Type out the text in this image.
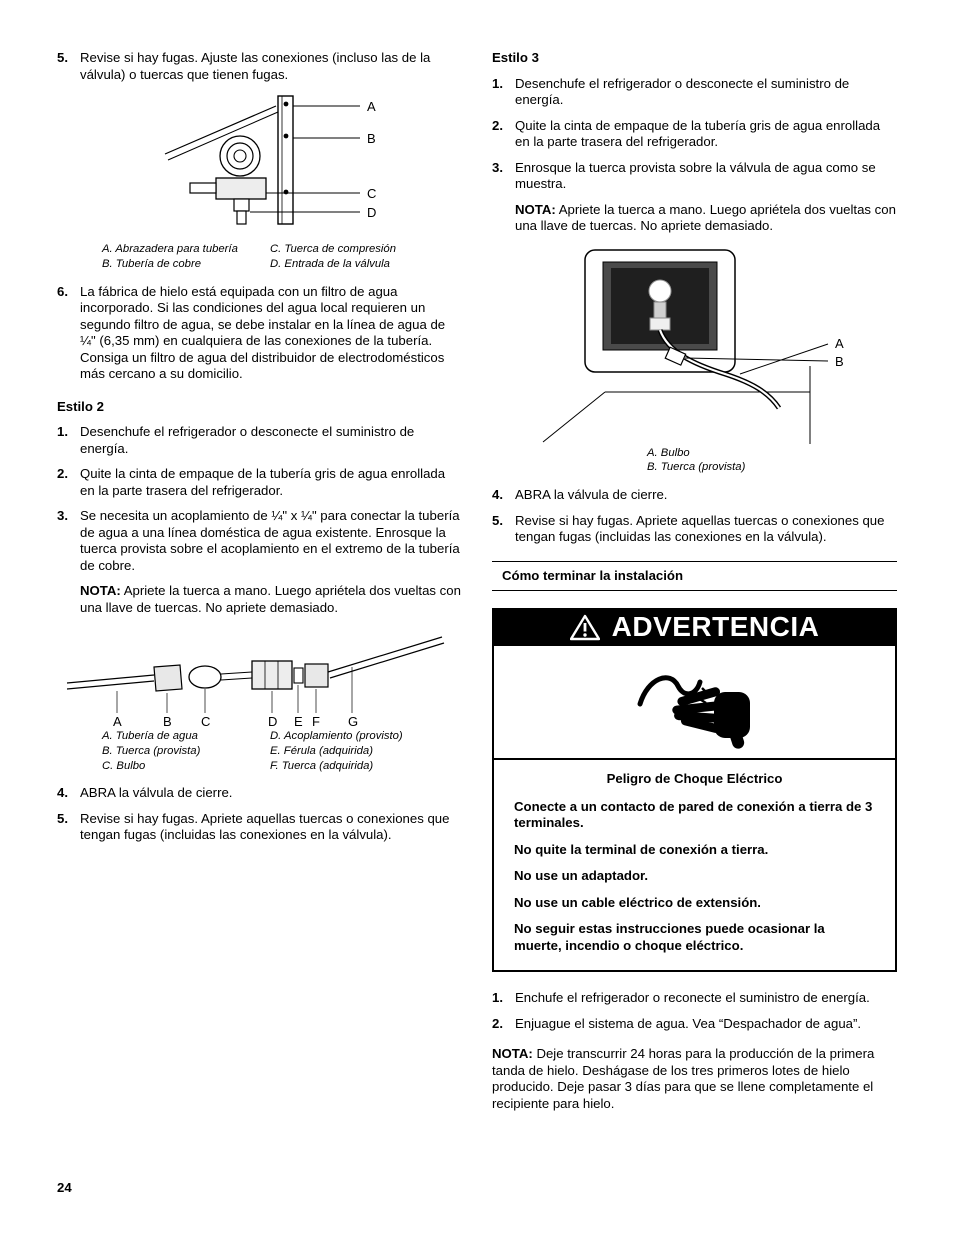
5. Revise si hay fugas. Ajuste las conexiones (incluso las de la válvula) o tuercas que tienen fugas.
A
B
C
D
A. Abrazadera para tubería
B. Tubería de cobre
C. Tuerca de compresión
D. Entrada de la válvula
6. La fábrica de hielo está equipada con un filtro de agua incorporado. Si las condiciones del agua local requieren un segundo filtro de agua, se debe instalar en la línea de agua de ¼" (6,35 mm) en cualquiera de las conexiones de la tubería. Consiga un filtro de agua del distribuidor de electrodomésticos más cercano a su domicilio.
Estilo 2
1. Desenchufe el refrigerador o desconecte el suministro de energía.
2. Quite la cinta de empaque de la tubería gris de agua enrollada en la parte trasera del refrigerador.
3. Se necesita un acoplamiento de ¼" x ¼" para conectar la tubería de agua a una línea doméstica de agua existente. Enrosque la tuerca provista sobre el acoplamiento en el extremo de la tubería de cobre.
NOTA: Apriete la tuerca a mano. Luego apriétela dos vueltas con una llave de tuercas. No apriete demasiado.
A	B C	D E F G
A. Tubería de agua
B. Tuerca (provista)
C. Bulbo
D. Acoplamiento (provisto)
E. Férula (adquirida)
F. Tuerca (adquirida)
4. ABRA la válvula de cierre.
5. Revise si hay fugas. Apriete aquellas tuercas o conexiones que tengan fugas (incluidas las conexiones en la válvula).
Estilo 3
1. Desenchufe el refrigerador o desconecte el suministro de energía.
2. Quite la cinta de empaque de la tubería gris de agua enrollada en la parte trasera del refrigerador.
3. Enrosque la tuerca provista sobre la válvula de agua como se muestra.
NOTA: Apriete la tuerca a mano. Luego apriétela dos vueltas con una llave de tuercas. No apriete demasiado.
A
B
A. Bulbo
B. Tuerca (provista)
4. ABRA la válvula de cierre.
5. Revise si hay fugas. Apriete aquellas tuercas o conexiones que tengan fugas (incluidas las conexiones en la válvula).
Cómo terminar la instalación
ADVERTENCIA
Peligro de Choque Eléctrico
Conecte a un contacto de pared de conexión a tierra de 3 terminales.
No quite la terminal de conexión a tierra.
No use un adaptador.
No use un cable eléctrico de extensión.
No seguir estas instrucciones puede ocasionar la muerte, incendio o choque eléctrico.
1. Enchufe el refrigerador o reconecte el suministro de energía.
2. Enjuague el sistema de agua. Vea “Despachador de agua”.
NOTA: Deje transcurrir 24 horas para la producción de la primera tanda de hielo. Deshágase de los tres primeros lotes de hielo producido. Deje pasar 3 días para que se llene completamente el recipiente para hielo.
24
